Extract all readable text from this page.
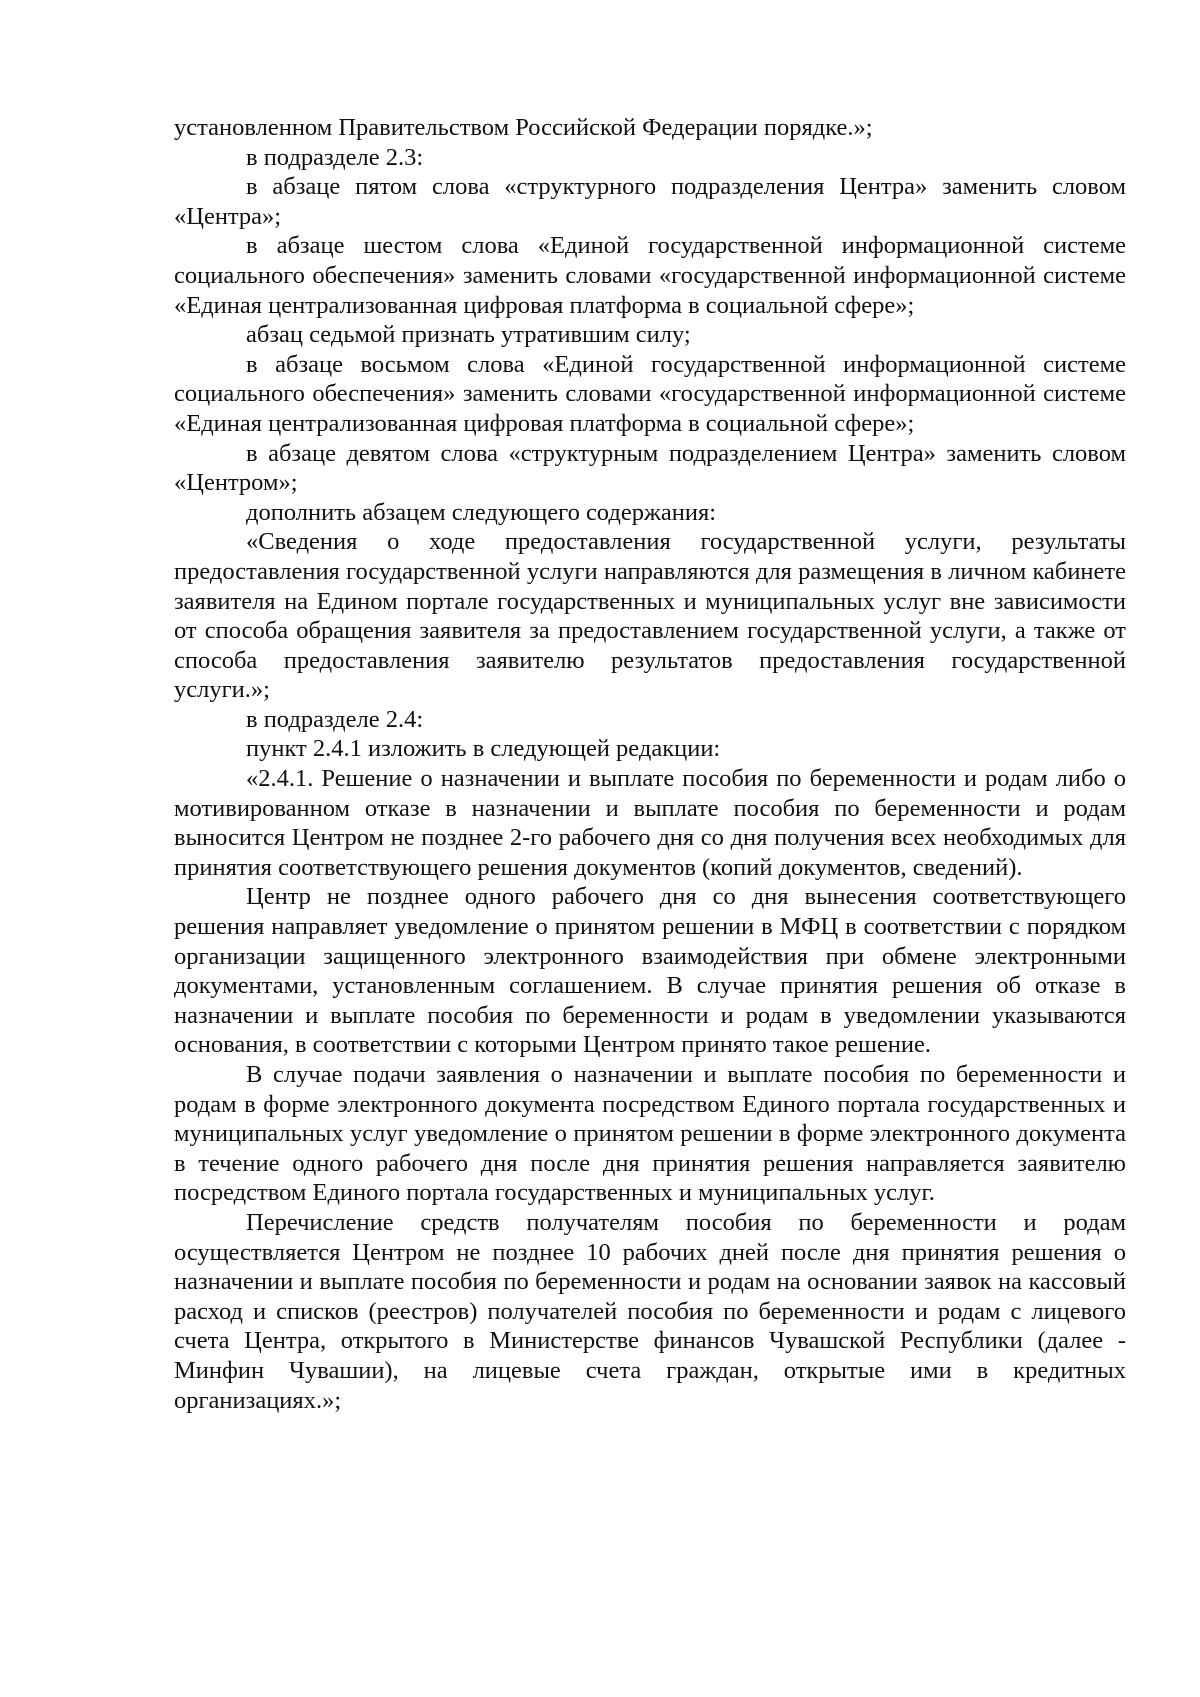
установленном Правительством Российской Федерации порядке.»;

в подразделе 2.3:

в абзаце пятом слова «структурного подразделения Центра» заменить словом «Центра»;

в абзаце шестом слова «Единой государственной информационной системе социального обеспечения» заменить словами «государственной информационной системе «Единая централизованная цифровая платформа в социальной сфере»;

абзац седьмой признать утратившим силу;

в абзаце восьмом слова «Единой государственной информационной системе социального обеспечения» заменить словами «государственной информационной системе «Единая централизованная цифровая платформа в социальной сфере»;

в абзаце девятом слова «структурным подразделением Центра» заменить словом «Центром»;

дополнить абзацем следующего содержания:

«Сведения о ходе предоставления государственной услуги, результаты предоставления государственной услуги направляются для размещения в личном кабинете заявителя на Едином портале государственных и муниципальных услуг вне зависимости от способа обращения заявителя за предоставлением государственной услуги, а также от способа предоставления заявителю результатов предоставления государственной услуги.»;

в подразделе 2.4:

пункт 2.4.1 изложить в следующей редакции:

«2.4.1. Решение о назначении и выплате пособия по беременности и родам либо о мотивированном отказе в назначении и выплате пособия по беременности и родам выносится Центром не позднее 2-го рабочего дня со дня получения всех необходимых для принятия соответствующего решения документов (копий документов, сведений).

Центр не позднее одного рабочего дня со дня вынесения соответствующего решения направляет уведомление о принятом решении в МФЦ в соответствии с порядком организации защищенного электронного взаимодействия при обмене электронными документами, установленным соглашением. В случае принятия решения об отказе в назначении и выплате пособия по беременности и родам в уведомлении указываются основания, в соответствии с которыми Центром принято такое решение.

В случае подачи заявления о назначении и выплате пособия по беременности и родам в форме электронного документа посредством Единого портала государственных и муниципальных услуг уведомление о принятом решении в форме электронного документа в течение одного рабочего дня после дня принятия решения направляется заявителю посредством Единого портала государственных и муниципальных услуг.

Перечисление средств получателям пособия по беременности и родам осуществляется Центром не позднее 10 рабочих дней после дня принятия решения о назначении и выплате пособия по беременности и родам на основании заявок на кассовый расход и списков (реестров) получателей пособия по беременности и родам с лицевого счета Центра, открытого в Министерстве финансов Чувашской Республики (далее - Минфин Чувашии), на лицевые счета граждан, открытые ими в кредитных организациях.»;
